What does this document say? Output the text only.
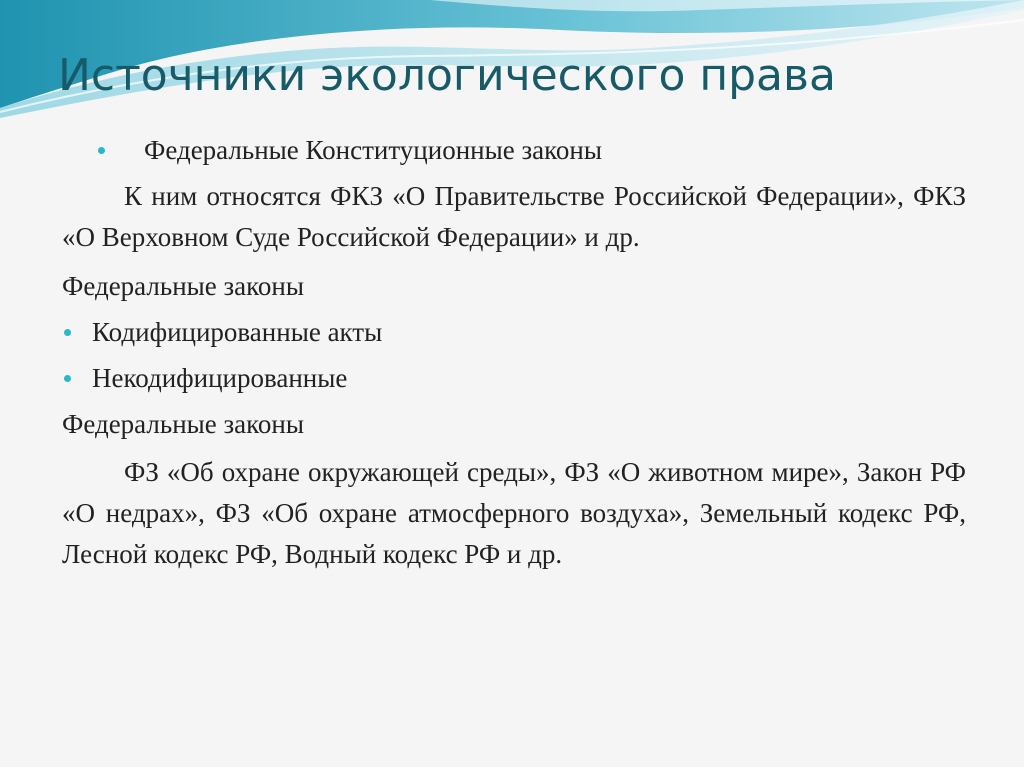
Источники экологического права
Федеральные Конституционные законы

К ним относятся ФКЗ «О Правительстве Российской Федерации», ФКЗ «О Верховном Суде Российской Федерации» и др.

Федеральные законы

Кодифицированные акты
Некодифицированные

Федеральные законы

ФЗ «Об охране окружающей среды», ФЗ «О животном мире», Закон РФ «О недрах», ФЗ «Об охране атмосферного воздуха», Земельный кодекс РФ, Лесной кодекс РФ, Водный кодекс РФ и др.
